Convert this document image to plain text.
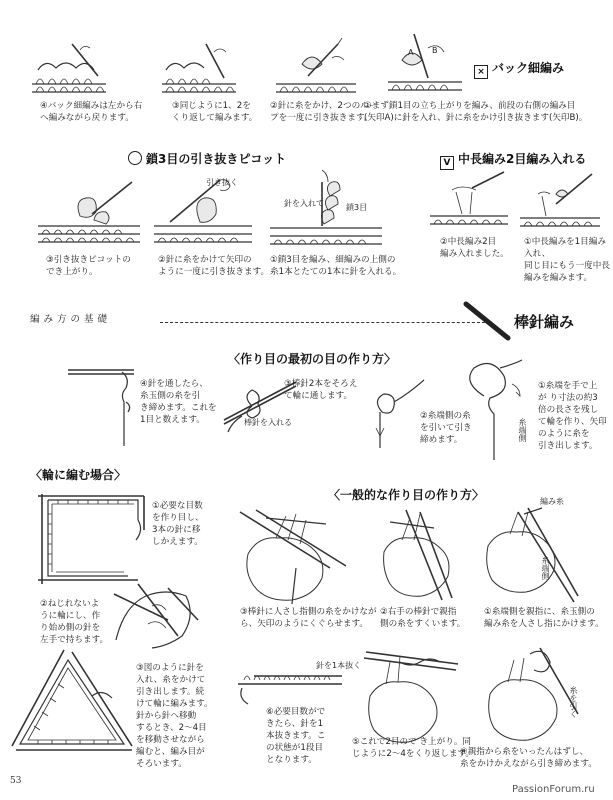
A B
× バック細編み
④バック細編みは左から右
へ編みながら戻ります。
③同じように1、2を
くり返して編みます。
②針に糸をかけ、2つのルー
プを一度に引き抜きます。
①まず鎖1目の立ち上がりを編み、前段の右側の編み目
(矢印A)に針を入れ、針に糸をかけ引き抜きます(矢印B)。
鎖3目の引き抜きピコット
引き抜く
針を入れて	鎖3目
③引き抜きピコットの
でき上がり。
②針に糸をかけて矢印の
ように一度に引き抜きます。
①鎖3目を編み、細編みの上側の
糸1本とたての1本に針を入れる。
V 中長編み2目編み入れる
②中長編み2目
編み入れました。
①中長編みを1目編み入れ、
同じ目にもう一度中長
編みを編みます。
編み方の基礎	棒針編み
〈作り目の最初の目の作り方〉
棒針を入れる	糸端側
④針を通したら、
糸玉側の糸を引
き締めます。これを
1目と数えます。
③棒針2本をそろえ
て輪に通します。
②糸端側の糸
を引いて引き
締めます。
①糸端を手で上
が り寸法の約3
倍の長さを残し
て輪を作り、矢印
のように糸を
引き出します。
〈輪に編む場合〉
①必要な目数
を作り目し、
3本の針に移
しかえます。
②ねじれないよ
うに輪にし、作
り始め側の針を
左手で持ちます。
③図のように針を
入れ、糸をかけて
引き出します。続
けて輪に編みます。
針から針へ移動
するとき、2～4目
を移動させながら
編むと、編み目が
そろいます。
〈一般的な作り目の作り方〉	編み糸
糸端側
③棒針に人さし指側の糸をかけなが
ら、矢印のようにくぐらせます。
②右手の棒針で親指
側の糸をすくいます。
①糸端側を親指に、糸玉側の
編み糸を人さし指にかけます。
針を1本抜く
糸を引く
⑥必要目数がで
きたら、針を1
本抜きます。こ
の状態が1段目
となります。
⑤これで2目ので き上がり。同
じように2～4をくり返します。
④親指から糸をいったんはずし、
糸をかけかえながら引き締めます。
53
PassionForum.ru
